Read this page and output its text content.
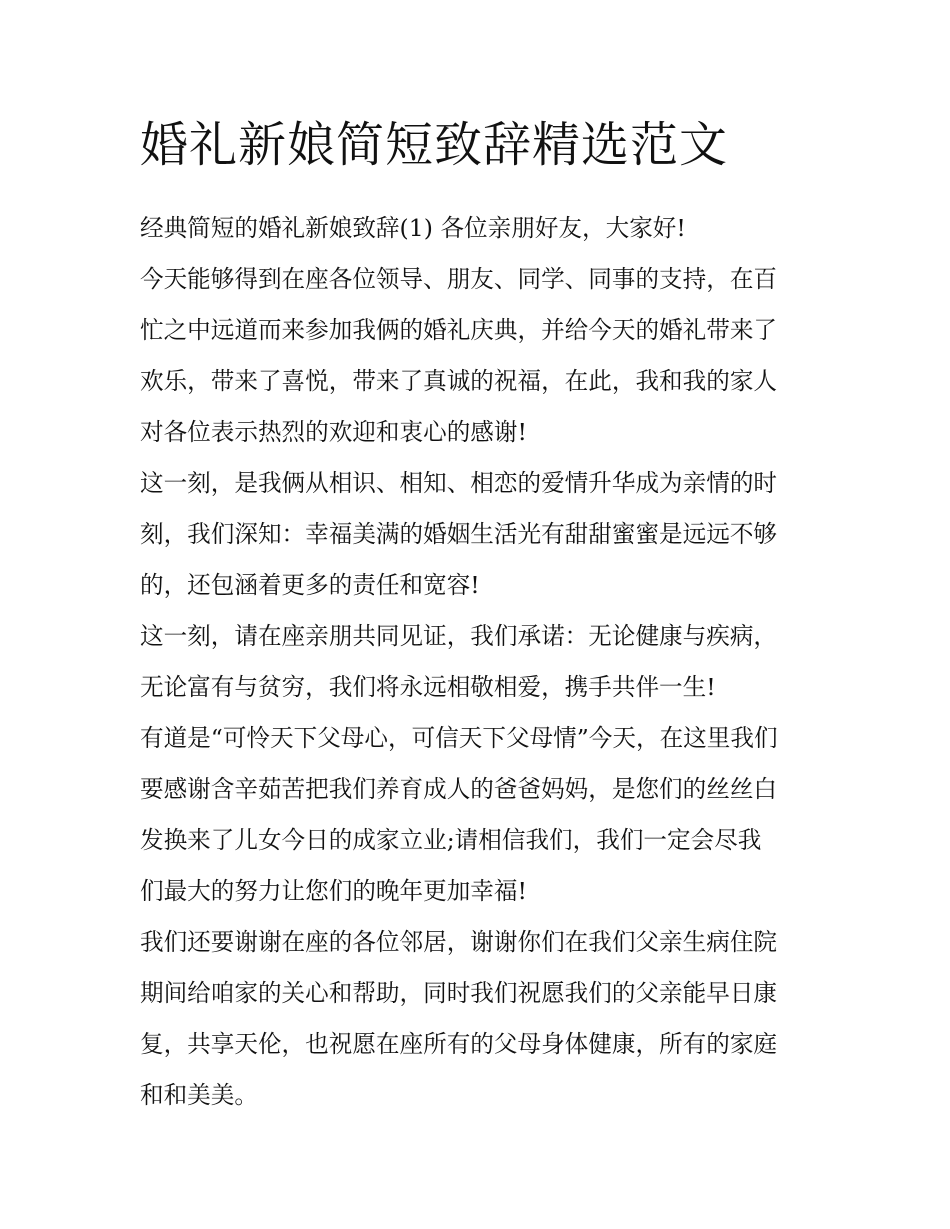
婚礼新娘简短致辞精选范文
经典简短的婚礼新娘致辞(1) 各位亲朋好友，大家好!
今天能够得到在座各位领导、朋友、同学、同事的支持，在百
忙之中远道而来参加我俩的婚礼庆典，并给今天的婚礼带来了
欢乐，带来了喜悦，带来了真诚的祝福，在此，我和我的家人
对各位表示热烈的欢迎和衷心的感谢!
这一刻，是我俩从相识、相知、相恋的爱情升华成为亲情的时
刻，我们深知：幸福美满的婚姻生活光有甜甜蜜蜜是远远不够
的，还包涵着更多的责任和宽容!
这一刻，请在座亲朋共同见证，我们承诺：无论健康与疾病，
无论富有与贫穷，我们将永远相敬相爱，携手共伴一生!
有道是“可怜天下父母心，可信天下父母情”今天，在这里我们
要感谢含辛茹苦把我们养育成人的爸爸妈妈，是您们的丝丝白
发换来了儿女今日的成家立业;请相信我们，我们一定会尽我
们最大的努力让您们的晚年更加幸福!
我们还要谢谢在座的各位邻居，谢谢你们在我们父亲生病住院
期间给咱家的关心和帮助，同时我们祝愿我们的父亲能早日康
复，共享天伦，也祝愿在座所有的父母身体健康，所有的家庭
和和美美。
